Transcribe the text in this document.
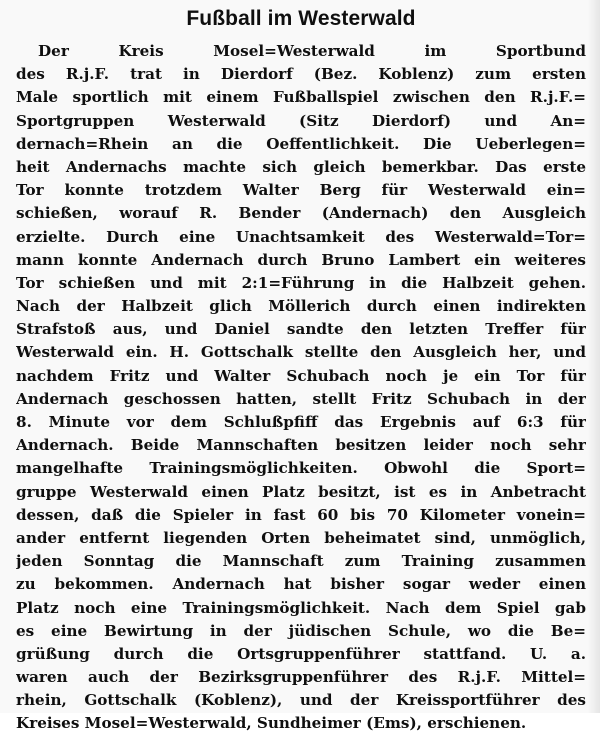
Fußball im Westerwald
Der Kreis Mosel=Westerwald im Sportbund
des R.j.F. trat in Dierdorf (Bez. Koblenz) zum ersten
Male sportlich mit einem Fußballspiel zwischen den R.j.F.=
Sportgruppen Westerwald (Sitz Dierdorf) und An=
dernach=Rhein an die Oeffentlichkeit. Die Ueberlegen=
heit Andernachs machte sich gleich bemerkbar. Das erste
Tor konnte trotzdem Walter Berg für Westerwald ein=
schießen, worauf R. Bender (Andernach) den Ausgleich
erzielte. Durch eine Unachtsamkeit des Westerwald=Tor=
mann konnte Andernach durch Bruno Lambert ein weiteres
Tor schießen und mit 2:1=Führung in die Halbzeit gehen.
Nach der Halbzeit glich Möllerich durch einen indirekten
Strafstoß aus, und Daniel sandte den letzten Treffer für
Westerwald ein. H. Gottschalk stellte den Ausgleich her, und
nachdem Fritz und Walter Schubach noch je ein Tor für
Andernach geschossen hatten, stellt Fritz Schubach in der
8. Minute vor dem Schlußpfiff das Ergebnis auf 6:3 für
Andernach. Beide Mannschaften besitzen leider noch sehr
mangelhafte Trainingsmöglichkeiten. Obwohl die Sport=
gruppe Westerwald einen Platz besitzt, ist es in Anbetracht
dessen, daß die Spieler in fast 60 bis 70 Kilometer vonein=
ander entfernt liegenden Orten beheimatet sind, unmöglich,
jeden Sonntag die Mannschaft zum Training zusammen
zu bekommen. Andernach hat bisher sogar weder einen
Platz noch eine Trainingsmöglichkeit. Nach dem Spiel gab
es eine Bewirtung in der jüdischen Schule, wo die Be=
grüßung durch die Ortsgruppenführer stattfand. U. a.
waren auch der Bezirksgruppenführer des R.j.F. Mittel=
rhein, Gottschalk (Koblenz), und der Kreissportführer des
Kreises Mosel=Westerwald, Sundheimer (Ems), erschienen.
